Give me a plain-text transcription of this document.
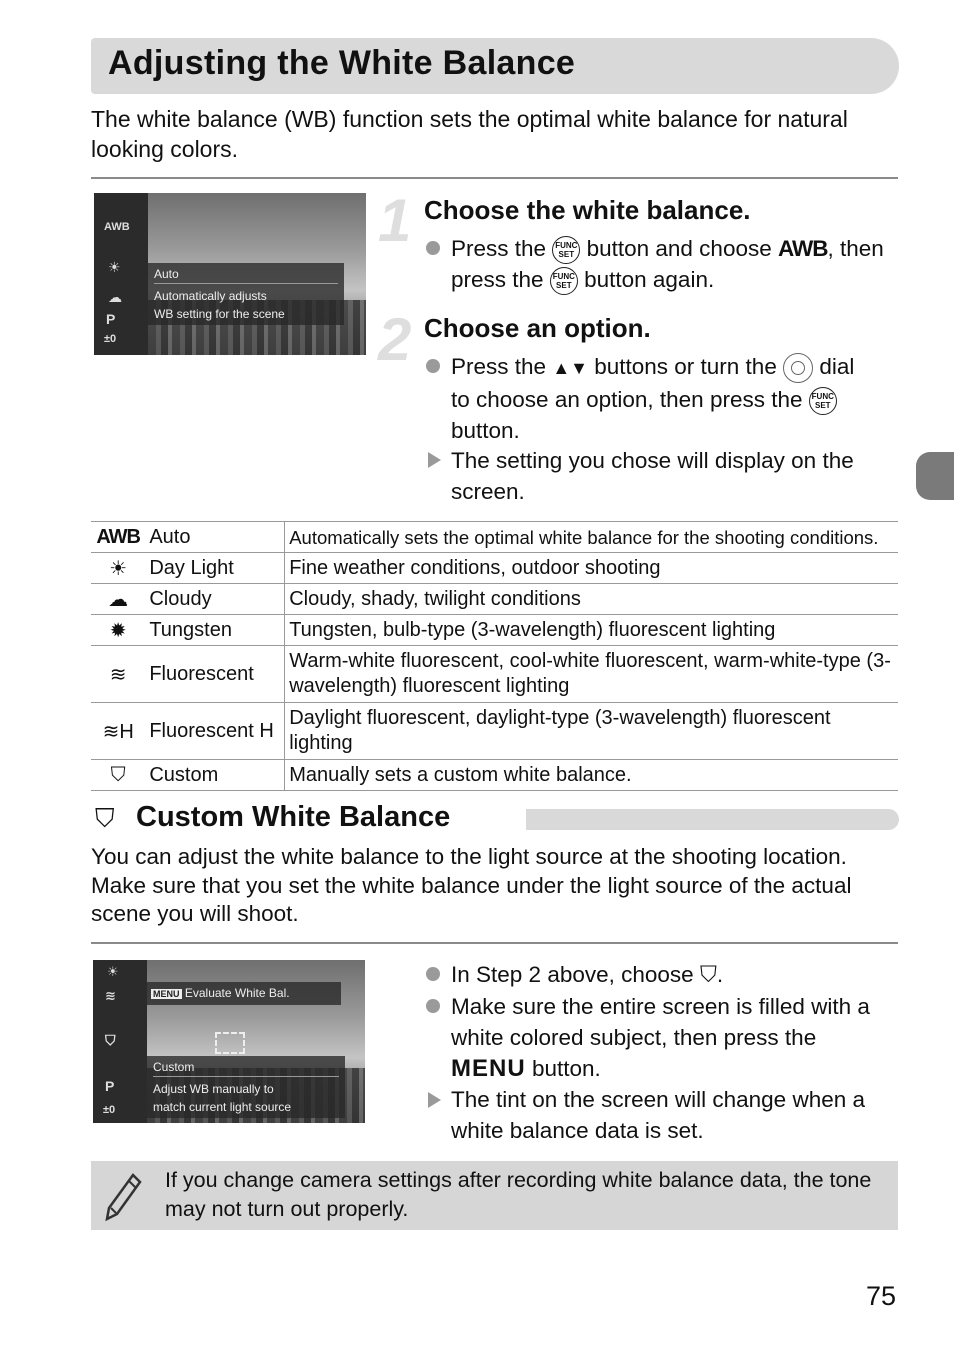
Adjusting the White Balance
The white balance (WB) function sets the optimal white balance for natural looking colors.
AWB
☀
☁
P
±0
Auto
Automatically adjusts
WB setting for the scene
1 Choose the white balance.
Press the FUNC
SET button and choose AWB, then
press the FUNC
SET button again.
2 Choose an option.
Press the ▲▼ buttons or turn the dial
to choose an option, then press the FUNC
SET
button.
The setting you chose will display on the
screen.
AWB	Auto	Automatically sets the optimal white balance for the shooting conditions.
☀	Day Light	Fine weather conditions, outdoor shooting
☁	Cloudy	Cloudy, shady, twilight conditions
✹	Tungsten	Tungsten, bulb-type (3-wavelength) fluorescent lighting
≋	Fluorescent	Warm-white fluorescent, cool-white fluorescent, warm-white-type (3-wavelength) fluorescent lighting
≋H	Fluorescent H	Daylight fluorescent, daylight-type (3-wavelength) fluorescent lighting
⛉	Custom	Manually sets a custom white balance.
⛉ Custom White Balance
You can adjust the white balance to the light source at the shooting location. Make sure that you set the white balance under the light source of the actual scene you will shoot.
☀
≋
⛉
P
±0
MENU Evaluate White Bal.
Custom
Adjust WB manually to
match current light source
In Step 2 above, choose ⛉.
Make sure the entire screen is filled with a
white colored subject, then press the
MENU button.
The tint on the screen will change when a
white balance data is set.
If you change camera settings after recording white balance data, the tone may not turn out properly.
75
